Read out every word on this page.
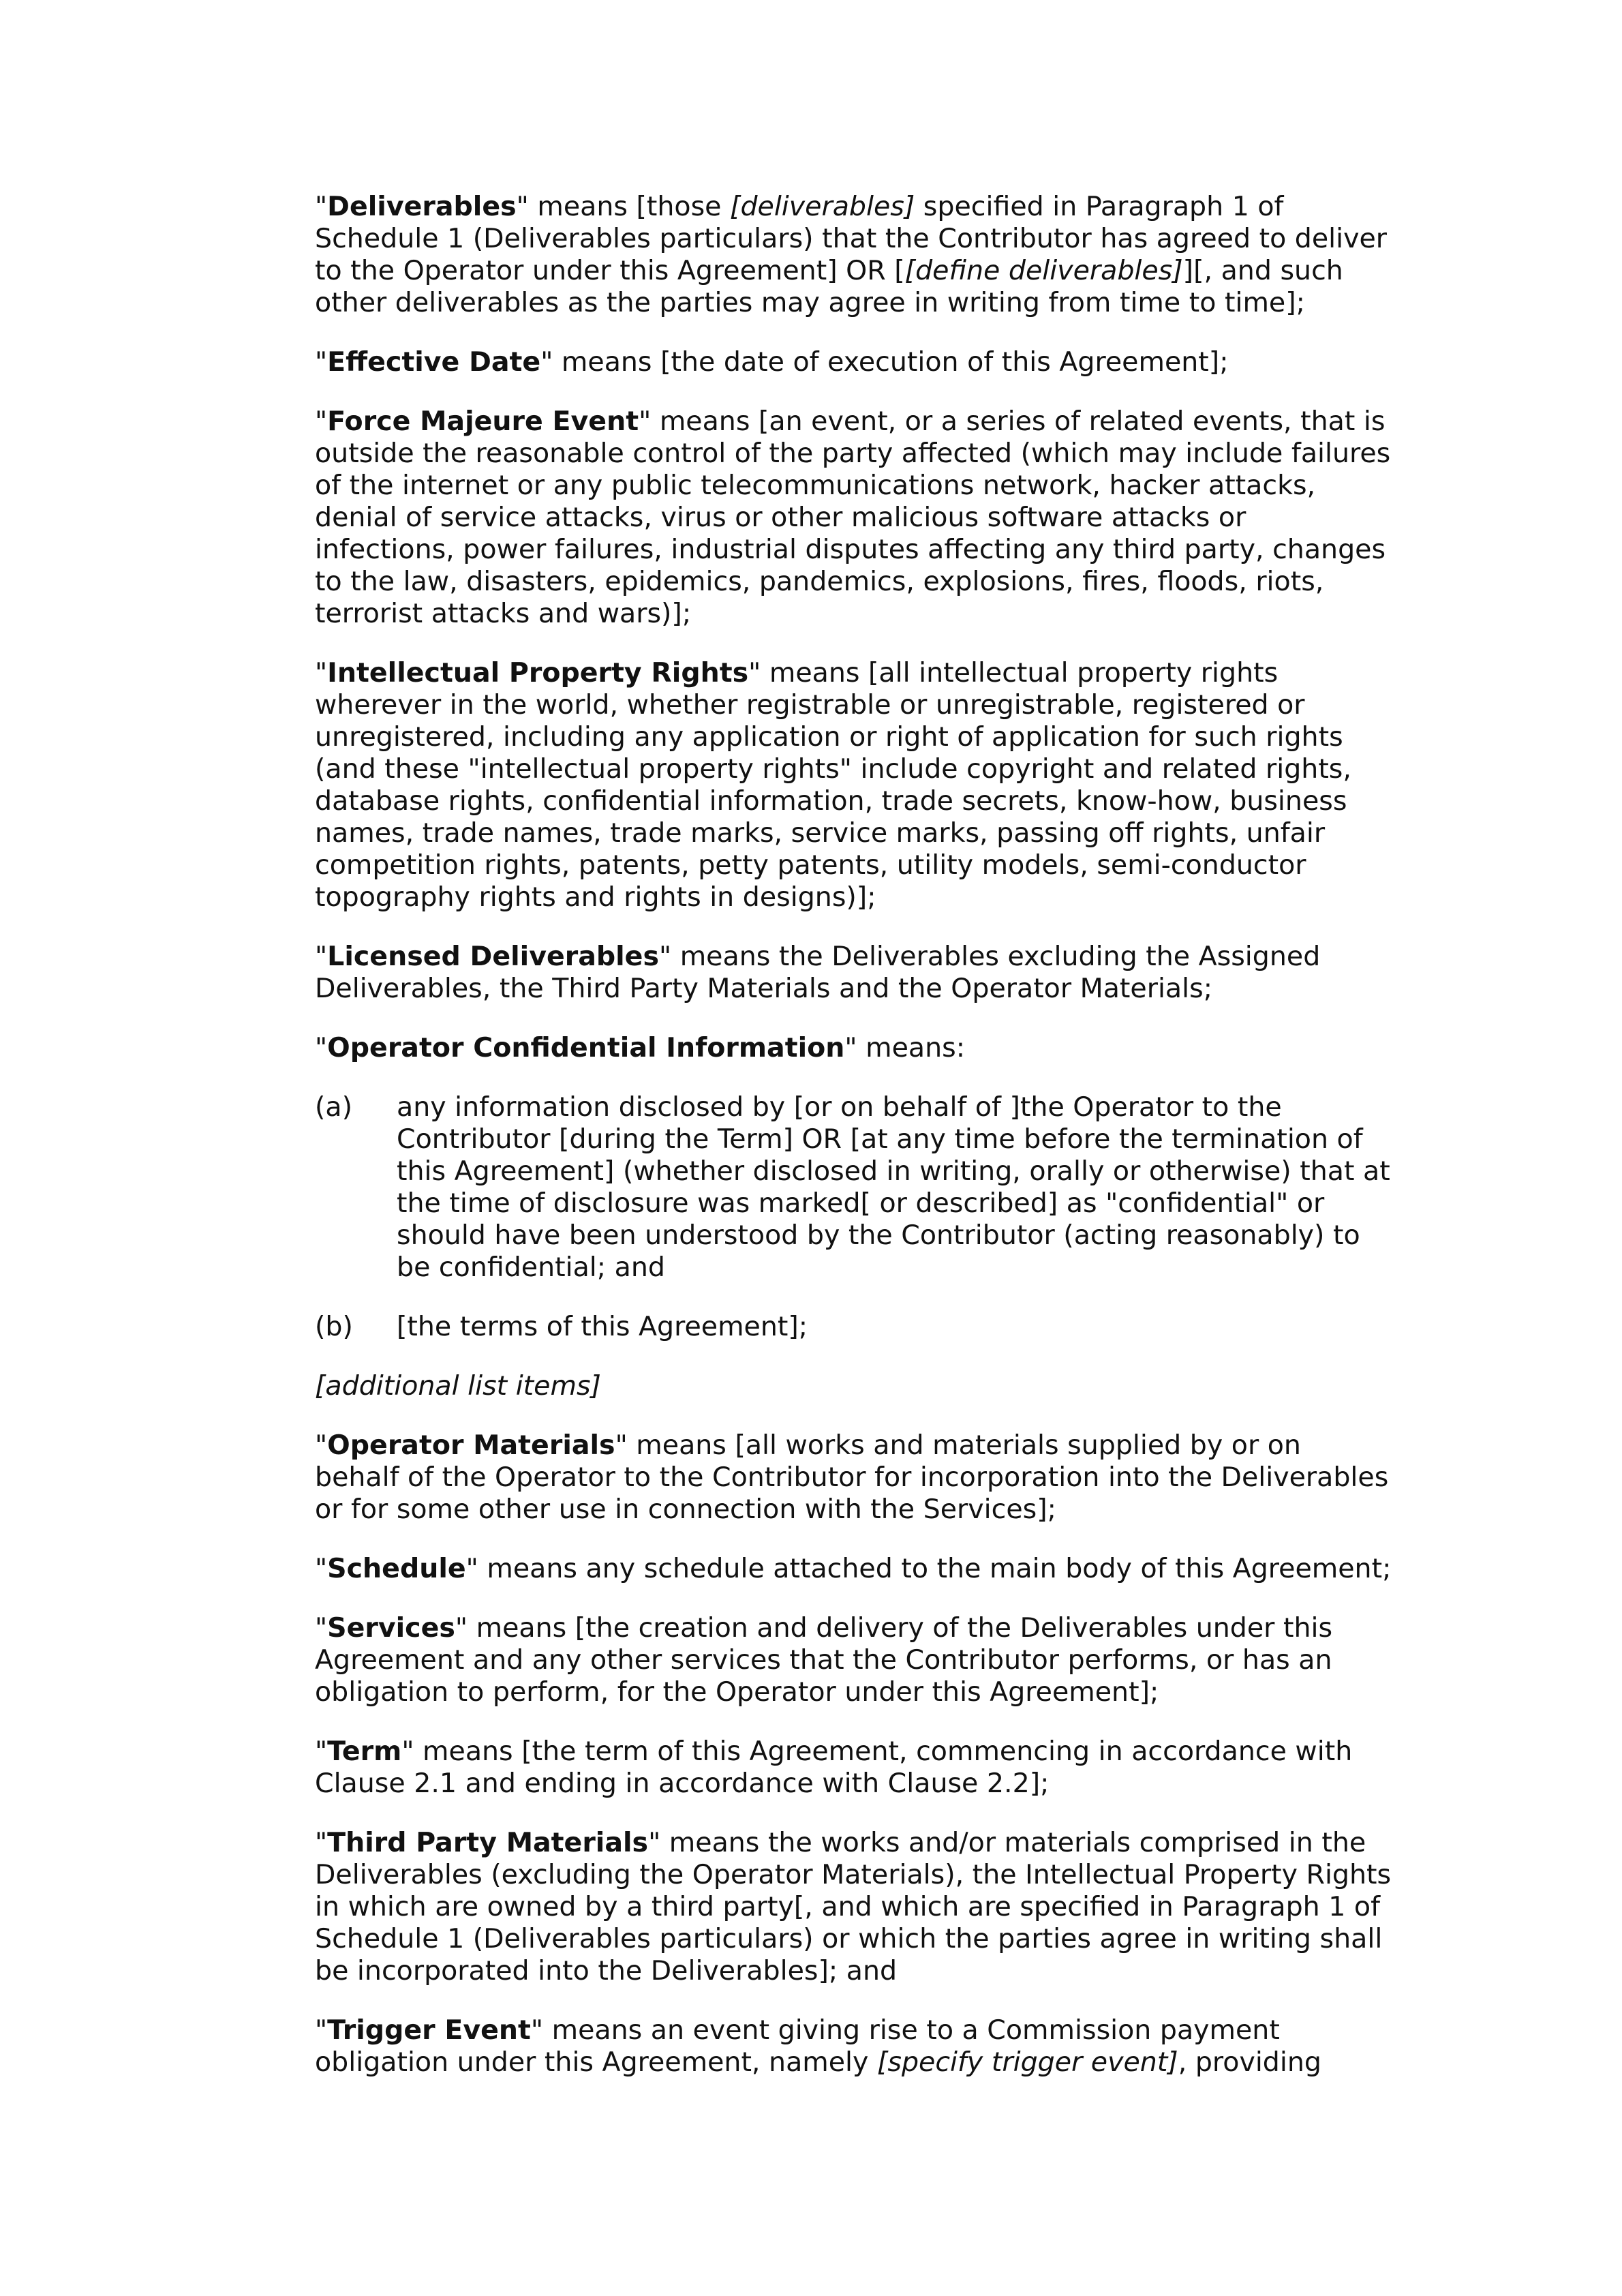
"Deliverables" means [those [deliverables] specified in Paragraph 1 of Schedule 1 (Deliverables particulars) that the Contributor has agreed to deliver to the Operator under this Agreement] OR [[define deliverables]][, and such other deliverables as the parties may agree in writing from time to time];

"Effective Date" means [the date of execution of this Agreement];

"Force Majeure Event" means [an event, or a series of related events, that is outside the reasonable control of the party affected (which may include failures of the internet or any public telecommunications network, hacker attacks, denial of service attacks, virus or other malicious software attacks or infections, power failures, industrial disputes affecting any third party, changes to the law, disasters, epidemics, pandemics, explosions, fires, floods, riots, terrorist attacks and wars)];

"Intellectual Property Rights" means [all intellectual property rights wherever in the world, whether registrable or unregistrable, registered or unregistered, including any application or right of application for such rights (and these "intellectual property rights" include copyright and related rights, database rights, confidential information, trade secrets, know-how, business names, trade names, trade marks, service marks, passing off rights, unfair competition rights, patents, petty patents, utility models, semi-conductor topography rights and rights in designs)];

"Licensed Deliverables" means the Deliverables excluding the Assigned Deliverables, the Third Party Materials and the Operator Materials;

"Operator Confidential Information" means:

(a)	any information disclosed by [or on behalf of ]the Operator to the Contributor [during the Term] OR [at any time before the termination of this Agreement] (whether disclosed in writing, orally or otherwise) that at the time of disclosure was marked[ or described] as "confidential" or should have been understood by the Contributor (acting reasonably) to be confidential; and
(b)	[the terms of this Agreement];

[additional list items]

"Operator Materials" means [all works and materials supplied by or on behalf of the Operator to the Contributor for incorporation into the Deliverables or for some other use in connection with the Services];

"Schedule" means any schedule attached to the main body of this Agreement;

"Services" means [the creation and delivery of the Deliverables under this Agreement and any other services that the Contributor performs, or has an obligation to perform, for the Operator under this Agreement];

"Term" means [the term of this Agreement, commencing in accordance with Clause 2.1 and ending in accordance with Clause 2.2];

"Third Party Materials" means the works and/or materials comprised in the Deliverables (excluding the Operator Materials), the Intellectual Property Rights in which are owned by a third party[, and which are specified in Paragraph 1 of Schedule 1 (Deliverables particulars) or which the parties agree in writing shall be incorporated into the Deliverables]; and

"Trigger Event" means an event giving rise to a Commission payment obligation under this Agreement, namely [specify trigger event], providing
